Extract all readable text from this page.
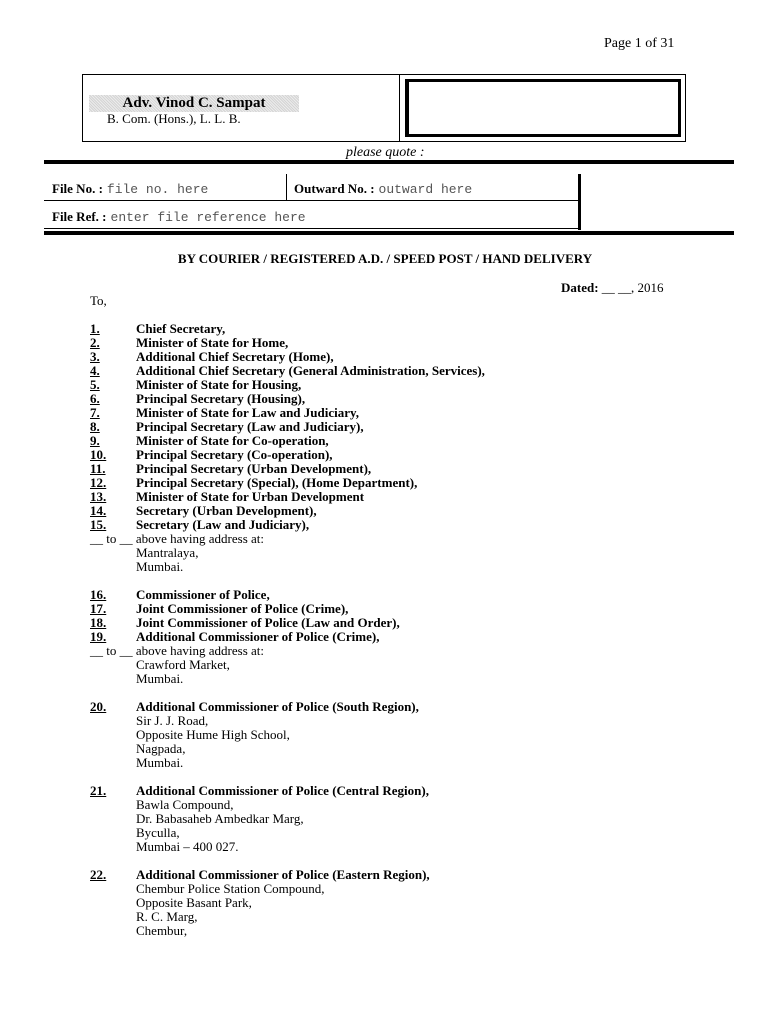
Page 1 of 31
Adv. Vinod C. Sampat
B. Com. (Hons.), L. L. B.
please quote :
File No. : file no. here	Outward No. : outward here
File Ref. : enter file reference here
BY COURIER / REGISTERED A.D. / SPEED POST / HAND DELIVERY
Dated: __ __, 2016
To,
1.	Chief Secretary,
2.	Minister of State for Home,
3.	Additional Chief Secretary (Home),
4.	Additional Chief Secretary (General Administration, Services),
5.	Minister of State for Housing,
6.	Principal Secretary (Housing),
7.	Minister of State for Law and Judiciary,
8.	Principal Secretary (Law and Judiciary),
9.	Minister of State for Co-operation,
10. Principal Secretary (Co-operation),
11. Principal Secretary (Urban Development),
12. Principal Secretary (Special), (Home Department),
13. Minister of State for Urban Development
14. Secretary (Urban Development),
15. Secretary (Law and Judiciary),
__ to __ above having address at:
Mantralaya,
Mumbai.
16. Commissioner of Police,
17. Joint Commissioner of Police (Crime),
18. Joint Commissioner of Police (Law and Order),
19. Additional Commissioner of Police (Crime),
__ to __ above having address at:
Crawford Market,
Mumbai.
20. Additional Commissioner of Police (South Region),
Sir J. J. Road,
Opposite Hume High School,
Nagpada,
Mumbai.
21. Additional Commissioner of Police (Central Region),
Bawla Compound,
Dr. Babasaheb Ambedkar Marg,
Byculla,
Mumbai – 400 027.
22. Additional Commissioner of Police (Eastern Region),
Chembur Police Station Compound,
Opposite Basant Park,
R. C. Marg,
Chembur,
